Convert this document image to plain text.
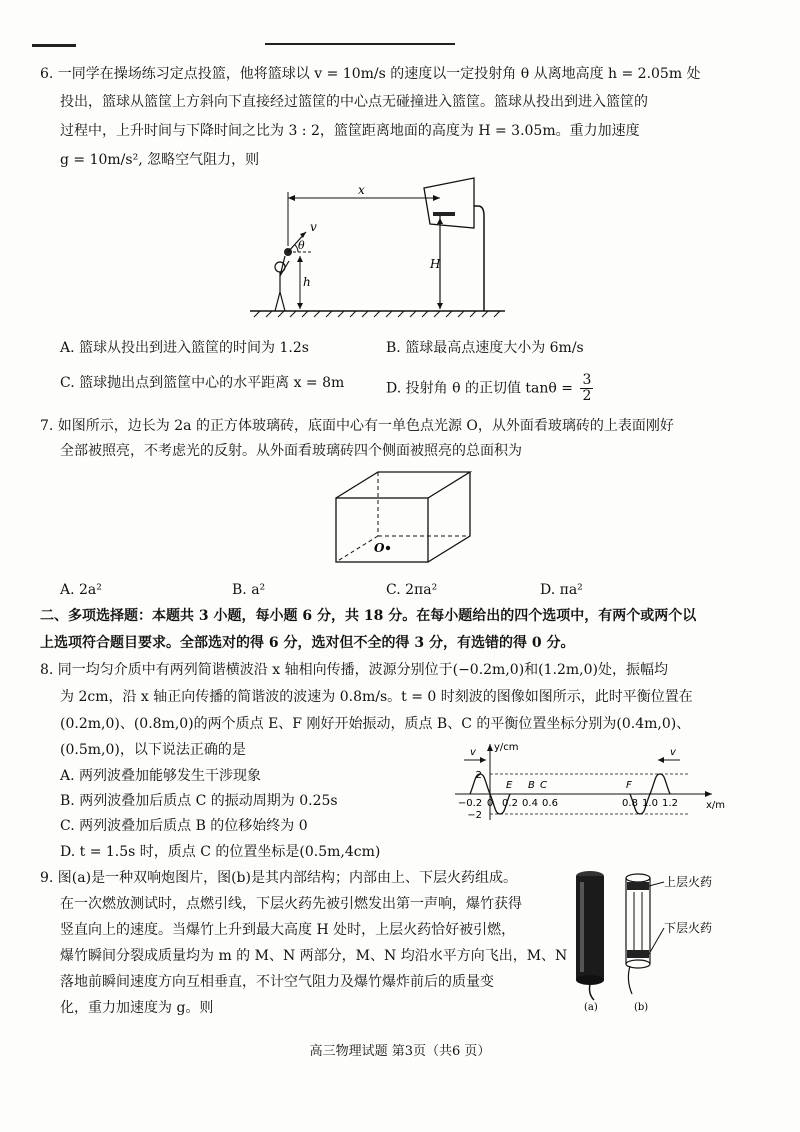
6. 一同学在操场练习定点投篮，他将篮球以 v = 10m/s 的速度以一定投射角 θ 从离地高度 h = 2.05m 处
投出，篮球从篮筐上方斜向下直接经过篮筐的中心点无碰撞进入篮筐。篮球从投出到进入篮筐的
过程中，上升时间与下降时间之比为 3 : 2，篮筐距离地面的高度为 H = 3.05m。重力加速度
g = 10m/s², 忽略空气阻力，则
v
θ
h
x
H
A. 篮球从投出到进入篮筐的时间为 1.2s	B. 篮球最高点速度大小为 6m/s
C. 篮球抛出点到篮筐中心的水平距离 x = 8m	D. 投射角 θ 的正切值 $\tan\theta = \frac{3}{2}$
7. 如图所示，边长为 2a 的正方体玻璃砖，底面中心有一单色点光源 O，从外面看玻璃砖的上表面刚好
全部被照亮，不考虑光的反射。从外面看玻璃砖四个侧面被照亮的总面积为
O
A. 2a²	B. a²	C. 2πa²	D. πa²
二、多项选择题：本题共 3 小题，每小题 6 分，共 18 分。在每小题给出的四个选项中，有两个或两个以
上选项符合题目要求。全部选对的得 6 分，选对但不全的得 3 分，有选错的得 0 分。
8. 同一均匀介质中有两列简谐横波沿 x 轴相向传播，波源分别位于(−0.2m,0)和(1.2m,0)处，振幅均
为 2cm，沿 x 轴正向传播的简谐波的波速为 0.8m/s。t = 0 时刻波的图像如图所示，此时平衡位置在
(0.2m,0)、(0.8m,0)的两个质点 E、F 刚好开始振动，质点 B、C 的平衡位置坐标分别为(0.4m,0)、
(0.5m,0)，以下说法正确的是
A. 两列波叠加能够发生干涉现象
B. 两列波叠加后质点 C 的振动周期为 0.25s
C. 两列波叠加后质点 B 的位移始终为 0
D. t = 1.5s 时，质点 C 的位置坐标是(0.5m,4cm)
y/cm
x/m
2
−2
−0.2 0 0.2 0.4 0.6	0.8 1.0 1.2
E B C	F
v	v
9. 图(a)是一种双响炮图片，图(b)是其内部结构；内部由上、下层火药组成。
在一次燃放测试时，点燃引线，下层火药先被引燃发出第一声响，爆竹获得
竖直向上的速度。当爆竹上升到最大高度 H 处时，上层火药恰好被引燃，
爆竹瞬间分裂成质量均为 m 的 M、N 两部分，M、N 均沿水平方向飞出，M、N
落地前瞬间速度方向互相垂直，不计空气阻力及爆竹爆炸前后的质量变
化，重力加速度为 g。则	(a)
上层火药
下层火药
(b)
高三物理试题 第3页（共6 页）
